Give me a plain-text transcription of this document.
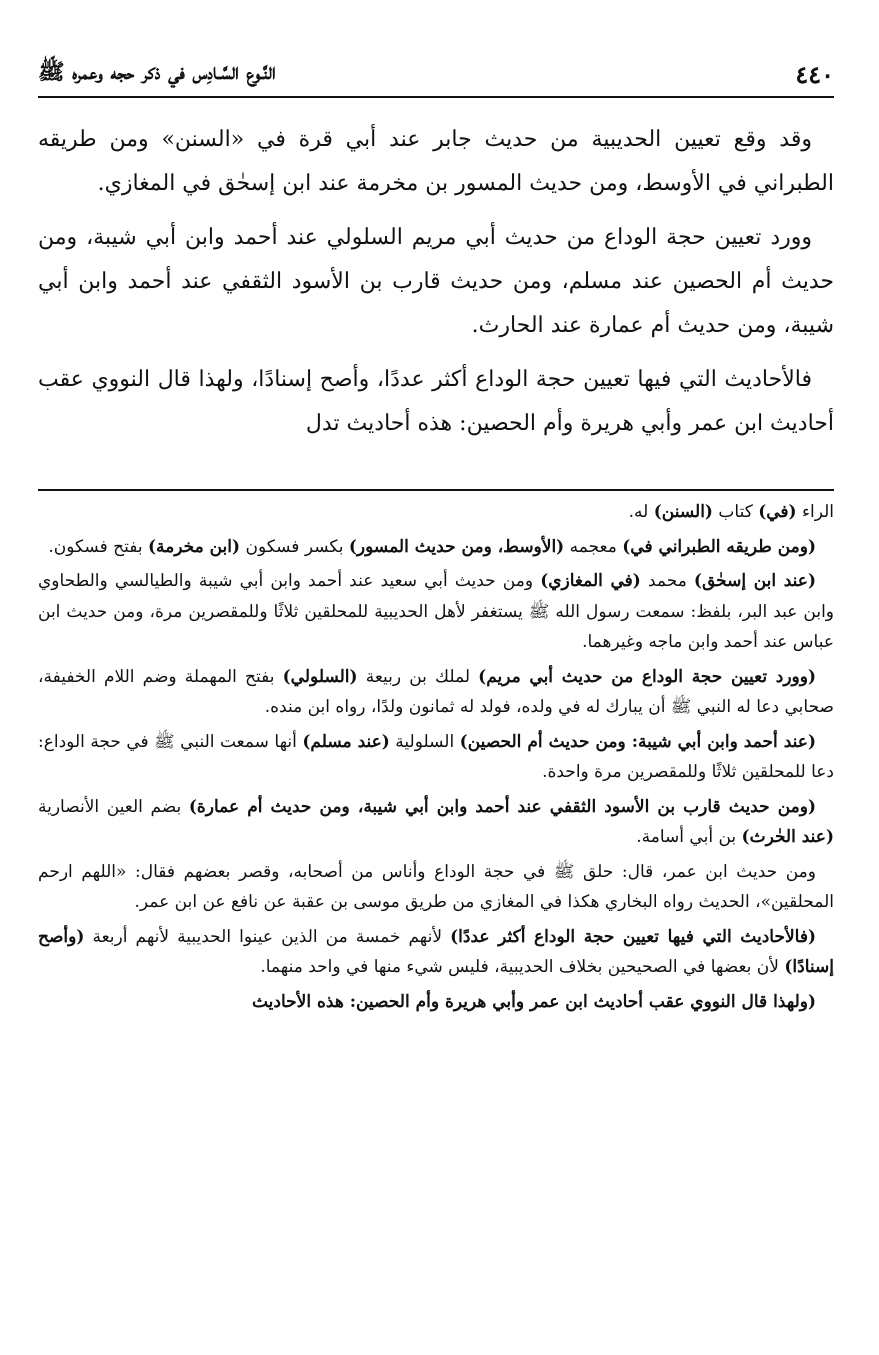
٤٤٠
النَّـوع السَّـادِس في ذكر حجه وعمره ﷺ

وقد وقع تعيين الحديبية من حديث جابر عند أبي قرة في «السنن» ومن طريقه الطبراني في الأوسط، ومن حديث المسور بن مخرمة عند ابن إسحٰق في المغازي.

وورد تعيين حجة الوداع من حديث أبي مريم السلولي عند أحمد وابن أبي شيبة، ومن حديث أم الحصين عند مسلم، ومن حديث قارب بن الأسود الثقفي عند أحمد وابن أبي شيبة، ومن حديث أم عمارة عند الحارث.

فالأحاديث التي فيها تعيين حجة الوداع أكثر عددًا، وأصح إسنادًا، ولهذا قال النووي عقب أحاديث ابن عمر وأبي هريرة وأم الحصين: هذه أحاديث تدل

الراء (في) كتاب (السنن) له.

(ومن طريقه الطبراني في) معجمه (الأوسط، ومن حديث المسور) بكسر فسكون (ابن مخرمة) بفتح فسكون.

(عند ابن إسحٰق) محمد (في المغازي) ومن حديث أبي سعيد عند أحمد وابن أبي شيبة والطيالسي والطحاوي وابن عبد البر، بلفظ: سمعت رسول الله ﷺ يستغفر لأهل الحديبية للمحلقين ثلاثًا وللمقصرين مرة، ومن حديث ابن عباس عند أحمد وابن ماجه وغيرهما.

(وورد تعيين حجة الوداع من حديث أبي مريم) لملك بن ربيعة (السلولي) بفتح المهملة وضم اللام الخفيفة، صحابي دعا له النبي ﷺ أن يبارك له في ولده، فولد له ثمانون ولدًا، رواه ابن منده.

(عند أحمد وابن أبي شيبة: ومن حديث أم الحصين) السلولية (عند مسلم) أنها سمعت النبي ﷺ في حجة الوداع: دعا للمحلقين ثلاثًا وللمقصرين مرة واحدة.

(ومن حديث قارب بن الأسود الثقفي عند أحمد وابن أبي شيبة، ومن حديث أم عمارة) بضم العين الأنصارية (عند الحٰرث) بن أبي أسامة.

ومن حديث ابن عمر، قال: حلق ﷺ في حجة الوداع وأناس من أصحابه، وقصر بعضهم فقال: «اللهم ارحم المحلقين»، الحديث رواه البخاري هكذا في المغازي من طريق موسى بن عقبة عن نافع عن ابن عمر.

(فالأحاديث التي فيها تعيين حجة الوداع أكثر عددًا) لأنهم خمسة من الذين عينوا الحديبية لأنهم أربعة (وأصح إسنادًا) لأن بعضها في الصحيحين بخلاف الحديبية، فليس شيء منها في واحد منهما.

(ولهذا قال النووي عقب أحاديث ابن عمر وأبي هريرة وأم الحصين: هذه الأحاديث
